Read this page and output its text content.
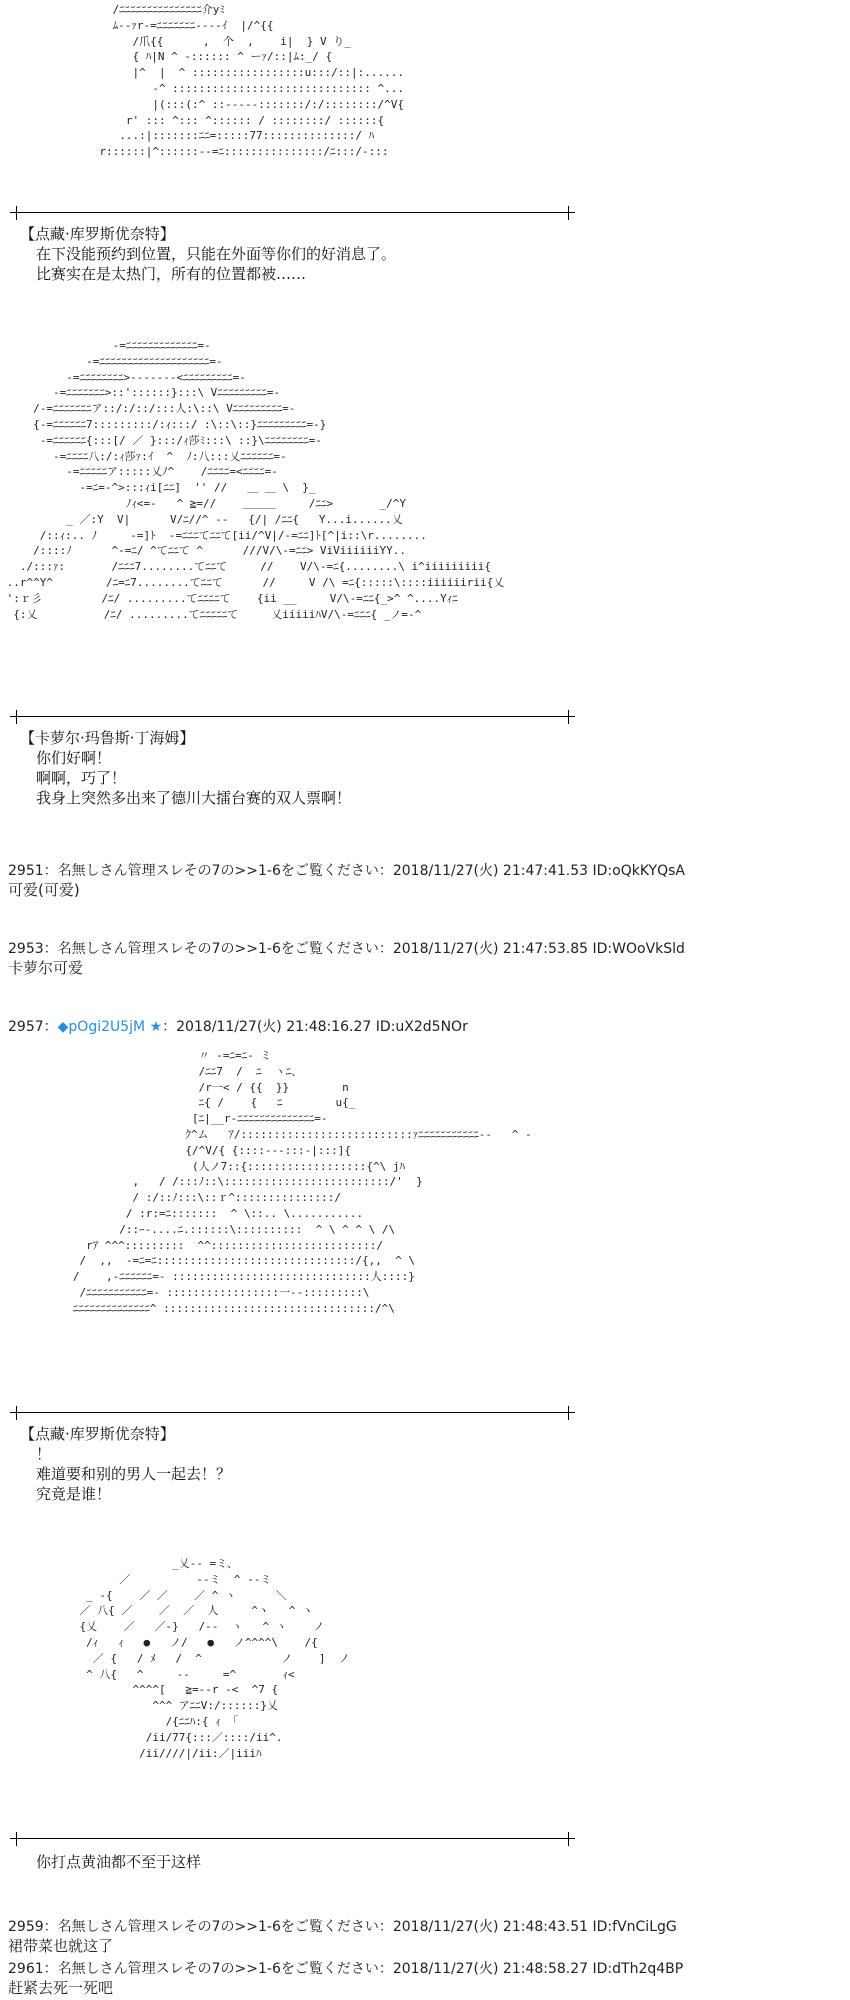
/ﾆﾆﾆﾆﾆﾆﾆﾆﾆﾆﾆﾆﾆﾆﾆ介yﾐ
ﾑ--ｧr-=ﾆﾆﾆﾆﾆﾆﾆ----ｲ  |/^{{
/爪{{      ,  个  ,    i|  } V り_
{ ﾊ|N ^ -:::::: ^ ーｧ/::|ﾑ:_/ {
|^  |  ^ :::::::::::::::::u:::/::|:......
-^ :::::::::::::::::::::::::::::: ^...
|(:::(:^ ::-----:::::::/:/::::::::/^V{
r' ::: ^::: ^:::::: / ::::::::/ ::::::{
...:|:::::::ﾆﾆ=:::::77::::::::::::::/ ﾊ
r::::::|^::::::--=ﾆ:::::::::::::::/ﾆ:::/-:::
【点藏·库罗斯优奈特】
在下没能预约到位置，只能在外面等你们的好消息了。
比赛实在是太热门，所有的位置都被……
-=ﾆﾆﾆﾆﾆﾆﾆﾆﾆﾆﾆﾆﾆ=-
-=ﾆﾆﾆﾆﾆﾆﾆﾆﾆﾆﾆﾆﾆﾆﾆﾆﾆﾆﾆﾆ=-
-=ﾆﾆﾆﾆﾆﾆﾆﾆ>-------<ﾆﾆﾆﾆﾆﾆﾆﾆﾆ=-
-=ﾆﾆﾆﾆﾆﾆﾆ>::'::::::}:::\ Vﾆﾆﾆﾆﾆﾆﾆﾆﾆ=-
/-=ﾆﾆﾆﾆﾆﾆﾆア::/:/::/:::人:\::\ Vﾆﾆﾆﾆﾆﾆﾆﾆﾆ=-
{-=ﾆﾆﾆﾆﾆﾆ7:::::::::/:ｨ:::/ :\::\::}ﾆﾆﾆﾆﾆﾆﾆﾆﾆ=-}
-=ﾆﾆﾆﾆﾆﾆ{:::[/ ／ }:::/ｨ莎ﾐ:::\ ::}\ﾆﾆﾆﾆﾆﾆﾆﾆ=-
-=ﾆﾆﾆﾆ八:/:ｨ莎ｧ:ｲ  ^  ﾉ:八:::乂ﾆﾆﾆﾆﾆﾆ=-
-=ﾆﾆﾆﾆﾆア:::::乂ﾉ^    /ﾆﾆﾆﾆ=<ﾆﾆﾆﾆ=-
-=ﾆ=-^>:::ｨi[ﾆﾆ]  '' //   ＿ ＿ \  }_
ﾉｨ<=-   ^ ≧=//    ＿＿＿     /ﾆﾆ>       _/^Y
_ ／:Y  V|      V/ﾆ//^ --   {/| /ﾆﾆ{   Y...i......乂
/::ｨ:.. ﾉ     -=]ﾄ  -=ﾆﾆﾆてﾆﾆて[ii/^V|/-=ﾆﾆ]ﾄ[^|i::\r........
/::::ﾉ      ^-=ﾆ/ ^てﾆﾆて ^      ///V/\-=ﾆﾆ> ViViiiiiiYY..
./:::ｧ:       /ﾆﾆﾆ7........てﾆﾆて     //    V/\-=ﾆ{........\ i^iiiiiiiii{
..r^^Y^        /ﾆ=ﾆ7........てﾆﾆて      //     V /\ =ﾆ{:::::\::::iiiiiirii{乂
':ｒ彡         /ﾆ/ .........てﾆﾆﾆﾆて    {ii __     V/\-=ﾆﾆ{_>^ ^....Yｨﾆ
{:乂          /ﾆ/ .........てﾆﾆﾆﾆﾆて     乂iiiiiﾊV/\-=ﾆﾆﾆ{ _ノ=-^
【卡萝尔·玛鲁斯·丁海姆】
你们好啊！
啊啊，巧了！
我身上突然多出来了德川大擂台赛的双人票啊！
2951：名無しさん管理スレその7の>>1-6をご覧ください：2018/11/27(火) 21:47:41.53 ID:oQkKYQsA
可爱(可爱)
2953：名無しさん管理スレその7の>>1-6をご覧ください：2018/11/27(火) 21:47:53.85 ID:WOoVkSld
卡萝尔可爱
2957：◆pOgi2U5jM ★：2018/11/27(火) 21:48:16.27 ID:uX2d5NOr
〃 -=ﾆ=ﾆ- ミ
/ﾆﾆ7  /  ﾆ  ヽﾆ、
/r一< / {{  }}        n
ﾆ{ /    {   ﾆ        u{_
[ﾆ|__r-ﾆﾆﾆﾆﾆﾆﾆﾆﾆﾆﾆﾆﾆﾆ=-
ｸ^ム   ｱ/::::::::::::::::::::::::::ｧﾆﾆﾆﾆﾆﾆﾆﾆﾆﾆﾆ--   ^ -
{/^V/{ {::::---:::-|:::]{
(人ノ7::{::::::::::::::::::{^\ jﾊ
,   / /:::ﾉ::\:::::::::::::::::::::::::/'  }
/ :/::ﾉ:::\::ｒ^:::::::::::::::/
/ :r:=ﾆ:::::::  ^ \::.. \...........
/::ｰ-....ﾆ.::::::\::::::::::  ^ \ ^ ^ \ /\
rｱ ^^^:::::::::  ^^:::::::::::::::::::::::::/
/  ,,  -=ﾆ=ﾆ::::::::::::::::::::::::::::::/{,,  ^ \
/    ,-ﾆﾆﾆﾆﾆﾆ=- ::::::::::::::::::::::::::::::人::::}
/ﾆﾆﾆﾆﾆﾆﾆﾆﾆﾆﾆ=- :::::::::::::::::一--:::::::::\
ﾆﾆﾆﾆﾆﾆﾆﾆﾆﾆﾆﾆﾆﾆ^ ::::::::::::::::::::::::::::::::/^\
【点藏·库罗斯优奈特】
！
难道要和别的男人一起去！？
究竟是谁！
_乂-- =ミ、
／          --ミ  ^ --ミ
_ -{    ／ ／    ／ ^ ヽ      ＼
／ 八{ ／    ／  ／  人     ^ヽ   ^ ヽ
{乂    ／   ／-}   /--  ヽ   ^ ヽ    ノ
/ｨ   ｨ   ●   ノ/   ●   ノ^^^^\    /{
／ {   / ﾒ   /  ^            ノ    ]  ノ
^ 八{   ^     --     =^       ｨ<
^^^^[   ≧=--r -<  ^7 {
^^^ アﾆﾆV:/::::::}乂
/{ﾆﾆﾊ:{ ｨ 「
/ii/77{:::／::::/ii^.
/ii////|/ii:／|iiiﾊ
你打点黄油都不至于这样
2959：名無しさん管理スレその7の>>1-6をご覧ください：2018/11/27(火) 21:48:43.51 ID:fVnCiLgG
裙带菜也就这了
2961：名無しさん管理スレその7の>>1-6をご覧ください：2018/11/27(火) 21:48:58.27 ID:dTh2q4BP
赶紧去死一死吧
